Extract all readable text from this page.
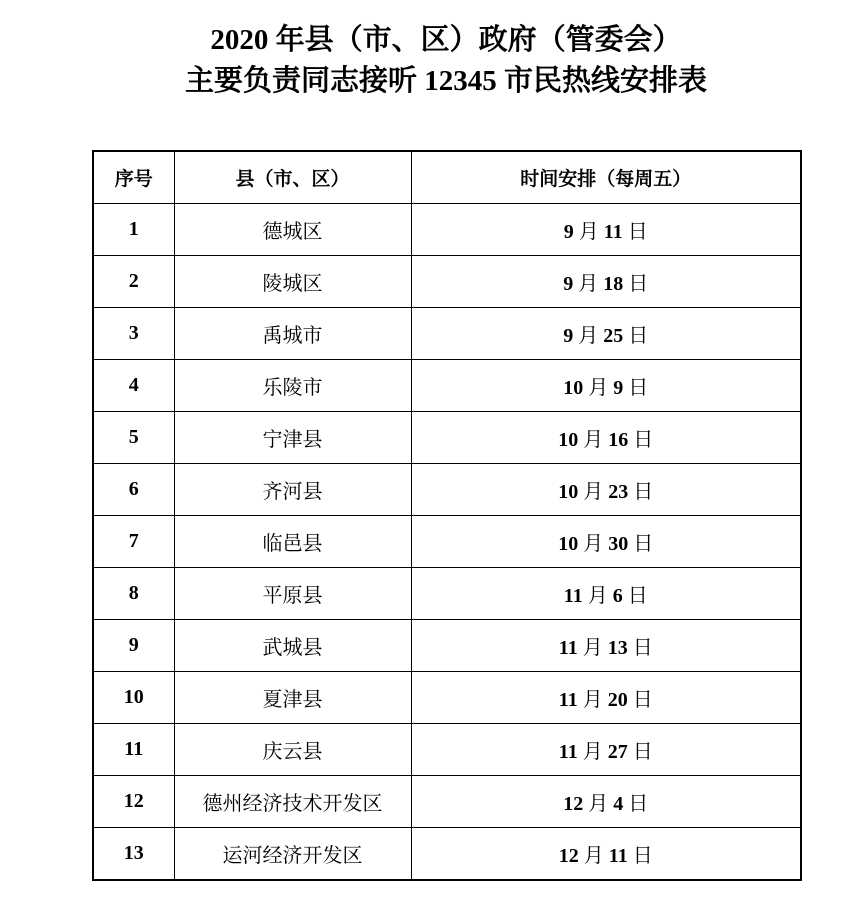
2020 年县（市、区）政府（管委会）
主要负责同志接听 12345 市民热线安排表
序号	县（市、区）	时间安排（每周五）
1	德城区	9 月 11 日
2	陵城区	9 月 18 日
3	禹城市	9 月 25 日
4	乐陵市	10 月 9 日
5	宁津县	10 月 16 日
6	齐河县	10 月 23 日
7	临邑县	10 月 30 日
8	平原县	11 月 6 日
9	武城县	11 月 13 日
10	夏津县	11 月 20 日
11	庆云县	11 月 27 日
12	德州经济技术开发区	12 月 4 日
13	运河经济开发区	12 月 11 日
